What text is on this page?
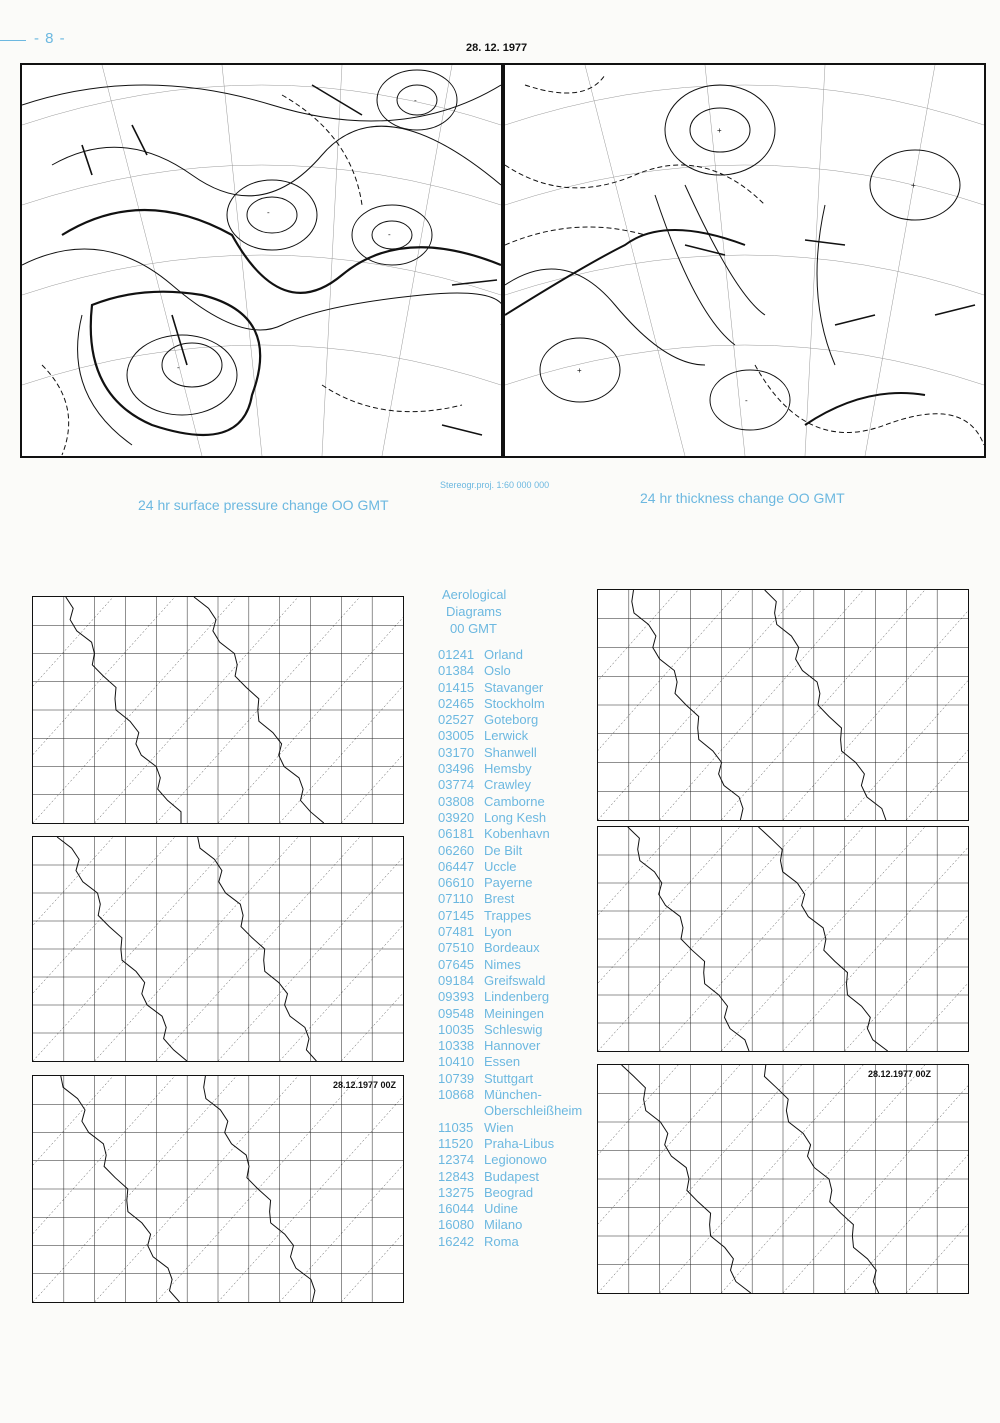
- 8 -
28. 12. 1977
-
-
-
-	+
+
+
-
Stereogr.proj. 1:60 000 000
24 hr surface pressure change OO GMT	24 hr thickness change OO GMT
28.12.1977 00Z
28.12.1977 00Z
Aerological
Diagrams
00 GMT
01241 Orland
01384 Oslo
01415 Stavanger
02465 Stockholm
02527 Goteborg
03005 Lerwick
03170 Shanwell
03496 Hemsby
03774 Crawley
03808 Camborne
03920 Long Kesh
06181 Kobenhavn
06260 De Bilt
06447 Uccle
06610 Payerne
07110 Brest
07145 Trappes
07481 Lyon
07510 Bordeaux
07645 Nimes
09184 Greifswald
09393 Lindenberg
09548 Meiningen
10035 Schleswig
10338 Hannover
10410 Essen
10739 Stuttgart
10868 München-
Oberschleißheim
11035 Wien
11520 Praha-Libus
12374 Legionowo
12843 Budapest
13275 Beograd
16044 Udine
16080 Milano
16242 Roma
